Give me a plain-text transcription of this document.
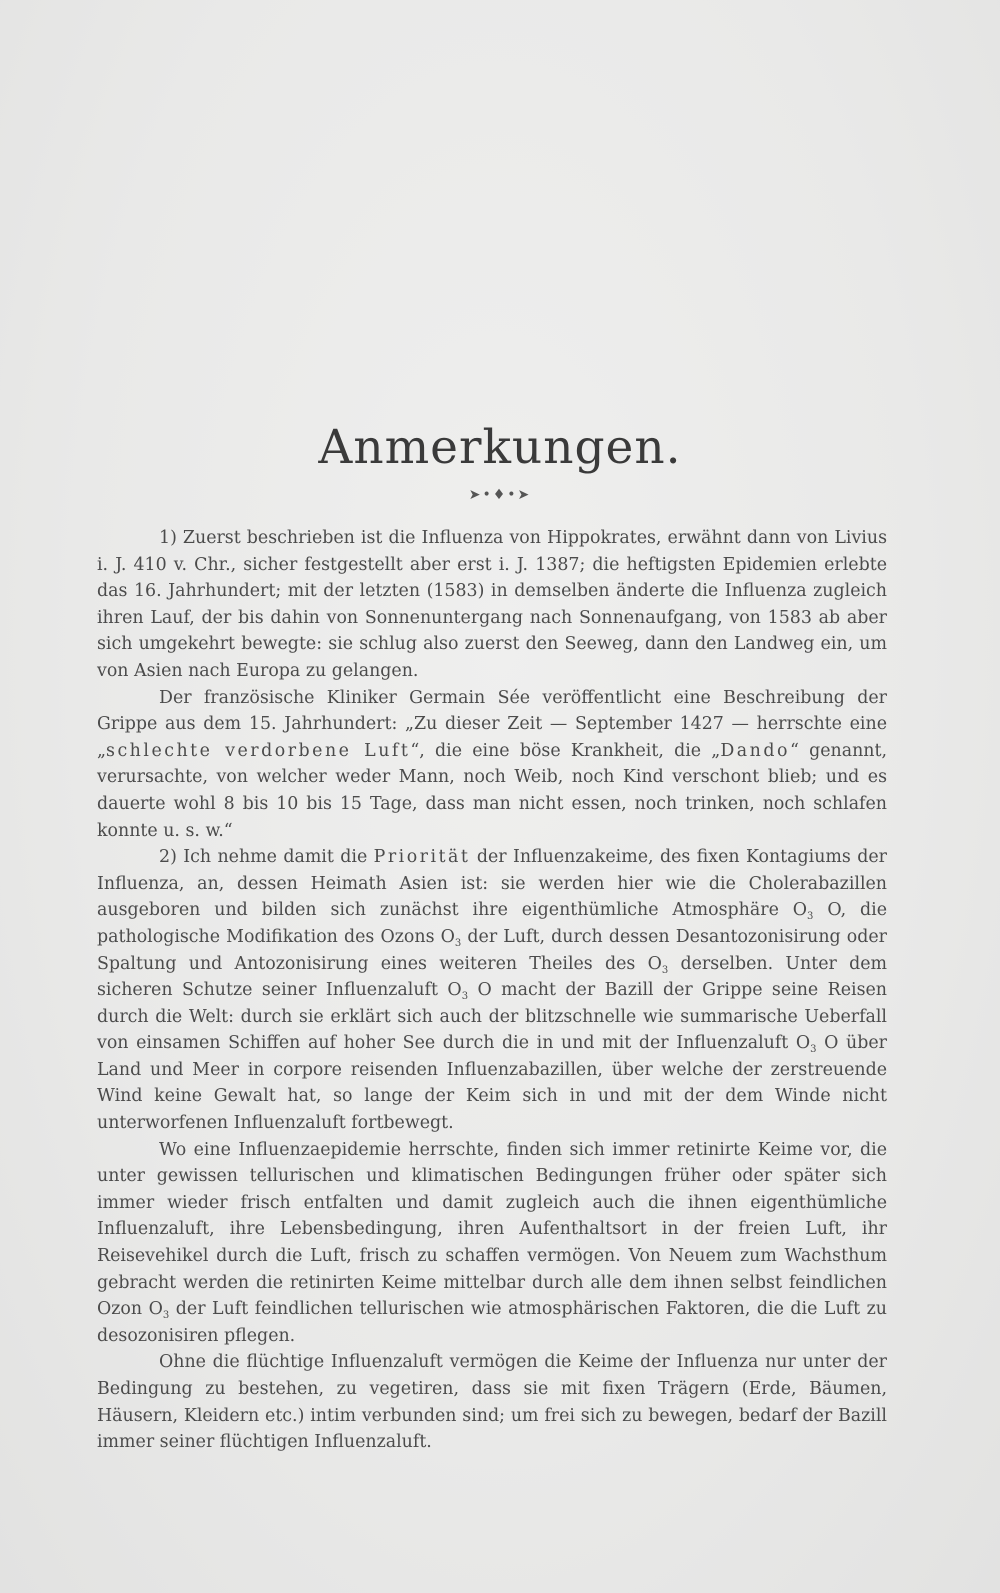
Anmerkungen.
➤•♦•➤

1) Zuerst beschrieben ist die Influenza von Hippokrates, erwähnt dann von Livius i. J. 410 v. Chr., sicher festgestellt aber erst i. J. 1387; die heftigsten Epidemien erlebte das 16. Jahrhundert; mit der letzten (1583) in demselben änderte die Influenza zugleich ihren Lauf, der bis dahin von Sonnenuntergang nach Sonnenaufgang, von 1583 ab aber sich umgekehrt bewegte: sie schlug also zuerst den Seeweg, dann den Landweg ein, um von Asien nach Europa zu gelangen.

Der französische Kliniker Germain Sée veröffentlicht eine Beschreibung der Grippe aus dem 15. Jahrhundert: „Zu dieser Zeit — September 1427 — herrschte eine „schlechte verdorbene Luft“, die eine böse Krankheit, die „Dando“ genannt, verursachte, von welcher weder Mann, noch Weib, noch Kind verschont blieb; und es dauerte wohl 8 bis 10 bis 15 Tage, dass man nicht essen, noch trinken, noch schlafen konnte u. s. w.“

2) Ich nehme damit die Priorität der Influenzakeime, des fixen Kontagiums der Influenza, an, dessen Heimath Asien ist: sie werden hier wie die Cholerabazillen ausgeboren und bilden sich zunächst ihre eigenthümliche Atmosphäre $O_3$ O, die pathologische Modifikation des Ozons $O_3$ der Luft, durch dessen Desantozonisirung oder Spaltung und Antozonisirung eines weiteren Theiles des $O_3$ derselben. Unter dem sicheren Schutze seiner Influenzaluft $O_3$ O macht der Bazill der Grippe seine Reisen durch die Welt: durch sie erklärt sich auch der blitzschnelle wie summarische Ueberfall von einsamen Schiffen auf hoher See durch die in und mit der Influenzaluft $O_3$ O über Land und Meer in corpore reisenden Influenzabazillen, über welche der zerstreuende Wind keine Gewalt hat, so lange der Keim sich in und mit der dem Winde nicht unterworfenen Influenzaluft fortbewegt.

Wo eine Influenzaepidemie herrschte, finden sich immer retinirte Keime vor, die unter gewissen tellurischen und klimatischen Bedingungen früher oder später sich immer wieder frisch entfalten und damit zugleich auch die ihnen eigenthümliche Influenzaluft, ihre Lebensbedingung, ihren Aufenthaltsort in der freien Luft, ihr Reisevehikel durch die Luft, frisch zu schaffen vermögen. Von Neuem zum Wachsthum gebracht werden die retinirten Keime mittelbar durch alle dem ihnen selbst feindlichen Ozon $O_3$ der Luft feindlichen tellurischen wie atmosphärischen Faktoren, die die Luft zu desozonisiren pflegen.

Ohne die flüchtige Influenzaluft vermögen die Keime der Influenza nur unter der Bedingung zu bestehen, zu vegetiren, dass sie mit fixen Trägern (Erde, Bäumen, Häusern, Kleidern etc.) intim verbunden sind; um frei sich zu bewegen, bedarf der Bazill immer seiner flüchtigen Influenzaluft.
